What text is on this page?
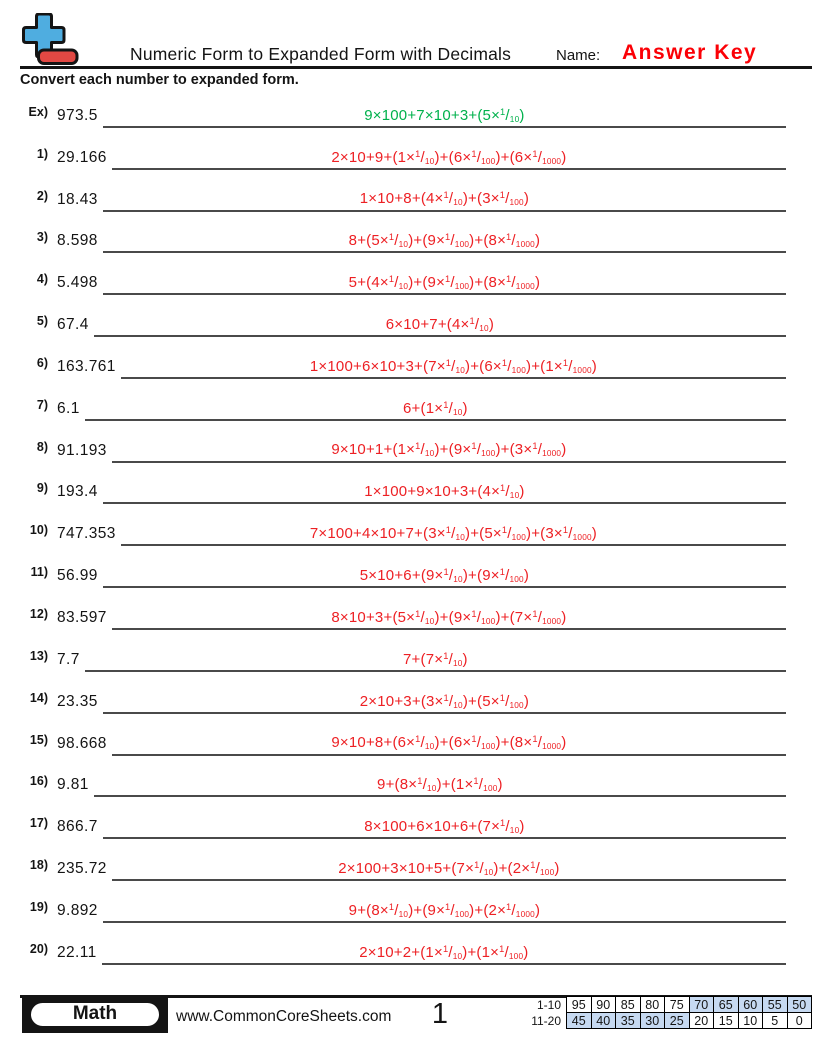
Numeric Form to Expanded Form with Decimals	Name: Answer Key
Convert each number to expanded form.
Ex) 973.5	$9\times 100+7\times 10+3+(5\times^1/_{10})$
1) 29.166	$2\times 10+9+(1\times^1/_{10})+(6\times^1/_{100})+(6\times^1/_{1000})$
2) 18.43	$1\times 10+8+(4\times^1/_{10})+(3\times^1/_{100})$
3) 8.598	$8+(5\times^1/_{10})+(9\times^1/_{100})+(8\times^1/_{1000})$
4) 5.498	$5+(4\times^1/_{10})+(9\times^1/_{100})+(8\times^1/_{1000})$
5) 67.4	$6\times 10+7+(4\times^1/_{10})$
6) 163.761	$1\times 100+6\times 10+3+(7\times^1/_{10})+(6\times^1/_{100})+(1\times^1/_{1000})$
7) 6.1	$6+(1\times^1/_{10})$
8) 91.193	$9\times 10+1+(1\times^1/_{10})+(9\times^1/_{100})+(3\times^1/_{1000})$
9) 193.4	$1\times 100+9\times 10+3+(4\times^1/_{10})$
10) 747.353	$7\times 100+4\times 10+7+(3\times^1/_{10})+(5\times^1/_{100})+(3\times^1/_{1000})$
11) 56.99	$5\times 10+6+(9\times^1/_{10})+(9\times^1/_{100})$
12) 83.597	$8\times 10+3+(5\times^1/_{10})+(9\times^1/_{100})+(7\times^1/_{1000})$
13) 7.7	$7+(7\times^1/_{10})$
14) 23.35	$2\times 10+3+(3\times^1/_{10})+(5\times^1/_{100})$
15) 98.668	$9\times 10+8+(6\times^1/_{10})+(6\times^1/_{100})+(8\times^1/_{1000})$
16) 9.81	$9+(8\times^1/_{10})+(1\times^1/_{100})$
17) 866.7	$8\times 100+6\times 10+6+(7\times^1/_{10})$
18) 235.72	$2\times 100+3\times 10+5+(7\times^1/_{10})+(2\times^1/_{100})$
19) 9.892	$9+(8\times^1/_{10})+(9\times^1/_{100})+(2\times^1/_{1000})$
20) 22.11	$2\times 10+2+(1\times^1/_{10})+(1\times^1/_{100})$
Math	www.CommonCoreSheets.com	1	1-10	95	90	85	80	75	70	65	60	55	50
11-20	45	40	35	30	25	20	15	10	5	0
